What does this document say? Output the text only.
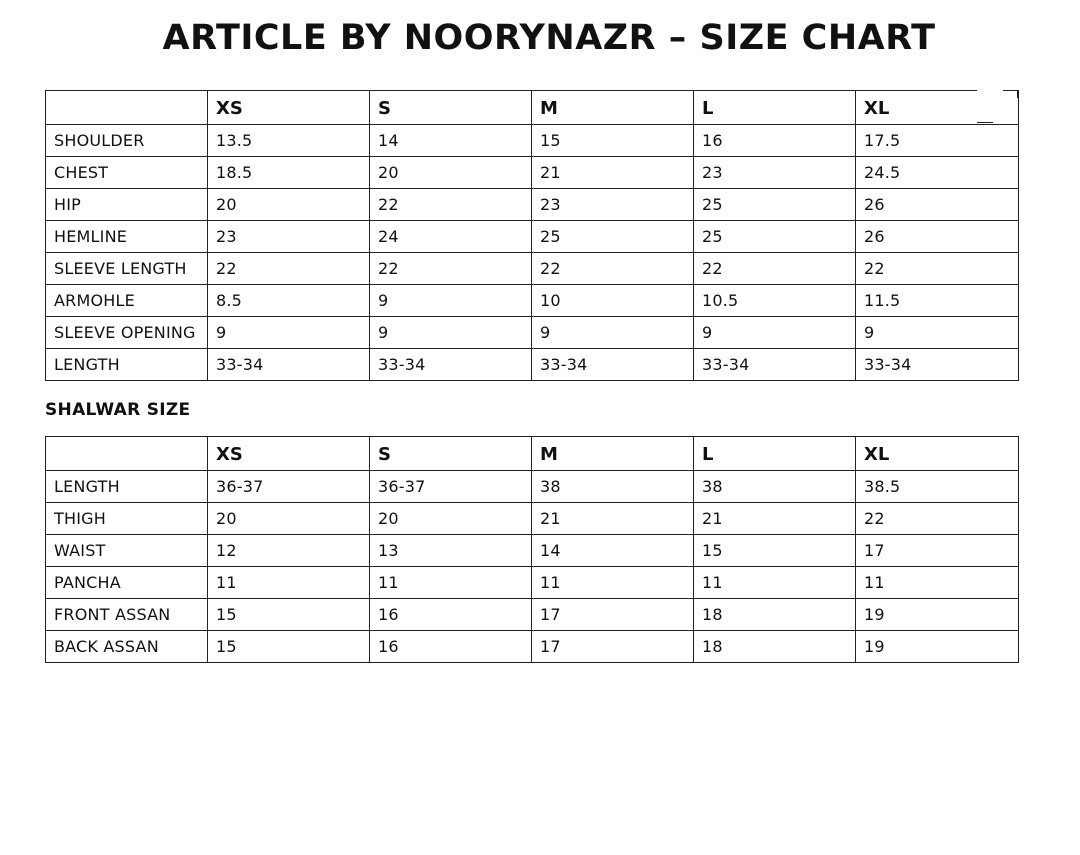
ARTICLE BY NOORYNAZR – SIZE CHART
	XS	S	M	L	XL
SHOULDER	13.5	14	15	16	17.5
CHEST	18.5	20	21	23	24.5
HIP	20	22	23	25	26
HEMLINE	23	24	25	25	26
SLEEVE LENGTH	22	22	22	22	22
ARMOHLE	8.5	9	10	10.5	11.5
SLEEVE OPENING	9	9	9	9	9
LENGTH	33-34	33-34	33-34	33-34	33-34
SHALWAR SIZE
	XS	S	M	L	XL
LENGTH	36-37	36-37	38	38	38.5
THIGH	20	20	21	21	22
WAIST	12	13	14	15	17
PANCHA	11	11	11	11	11
FRONT ASSAN	15	16	17	18	19
BACK ASSAN	15	16	17	18	19
